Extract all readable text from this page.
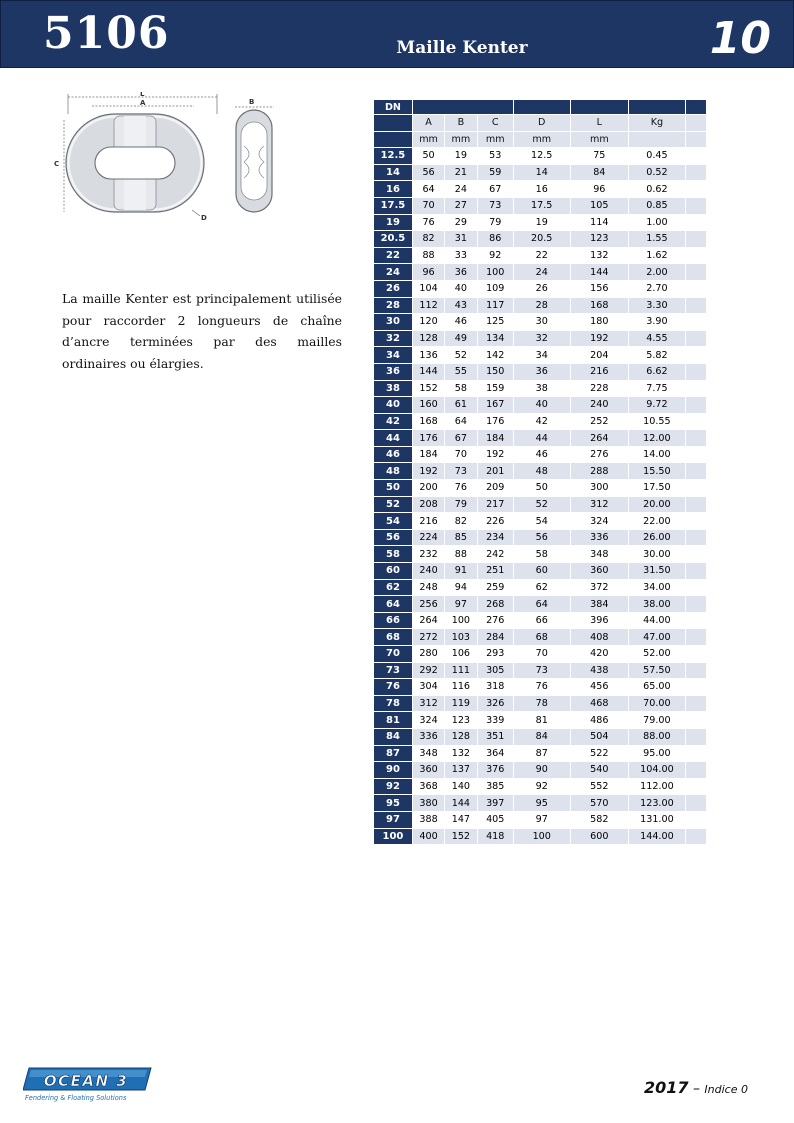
5106	Maille Kenter	10
L
A
C
B
D

La maille Kenter est principalement utilisée pour raccorder 2 longueurs de chaîne d’ancre terminées par des mailles ordinaires ou élargies.

DN							
	A	B	C	D	L	Kg	
	mm	mm	mm	mm	mm		
12.5	50	19	53	12.5	75	0.45	
14	56	21	59	14	84	0.52	
16	64	24	67	16	96	0.62	
17.5	70	27	73	17.5	105	0.85	
19	76	29	79	19	114	1.00	
20.5	82	31	86	20.5	123	1.55	
22	88	33	92	22	132	1.62	
24	96	36	100	24	144	2.00	
26	104	40	109	26	156	2.70	
28	112	43	117	28	168	3.30	
30	120	46	125	30	180	3.90	
32	128	49	134	32	192	4.55	
34	136	52	142	34	204	5.82	
36	144	55	150	36	216	6.62	
38	152	58	159	38	228	7.75	
40	160	61	167	40	240	9.72	
42	168	64	176	42	252	10.55	
44	176	67	184	44	264	12.00	
46	184	70	192	46	276	14.00	
48	192	73	201	48	288	15.50	
50	200	76	209	50	300	17.50	
52	208	79	217	52	312	20.00	
54	216	82	226	54	324	22.00	
56	224	85	234	56	336	26.00	
58	232	88	242	58	348	30.00	
60	240	91	251	60	360	31.50	
62	248	94	259	62	372	34.00	
64	256	97	268	64	384	38.00	
66	264	100	276	66	396	44.00	
68	272	103	284	68	408	47.00	
70	280	106	293	70	420	52.00	
73	292	111	305	73	438	57.50	
76	304	116	318	76	456	65.00	
78	312	119	326	78	468	70.00	
81	324	123	339	81	486	79.00	
84	336	128	351	84	504	88.00	
87	348	132	364	87	522	95.00	
90	360	137	376	90	540	104.00	
92	368	140	385	92	552	112.00	
95	380	144	397	95	570	123.00	
97	388	147	405	97	582	131.00	
100	400	152	418	100	600	144.00	
OCEAN 3
Fendering & Floating Solutions
2017 – Indice 0
